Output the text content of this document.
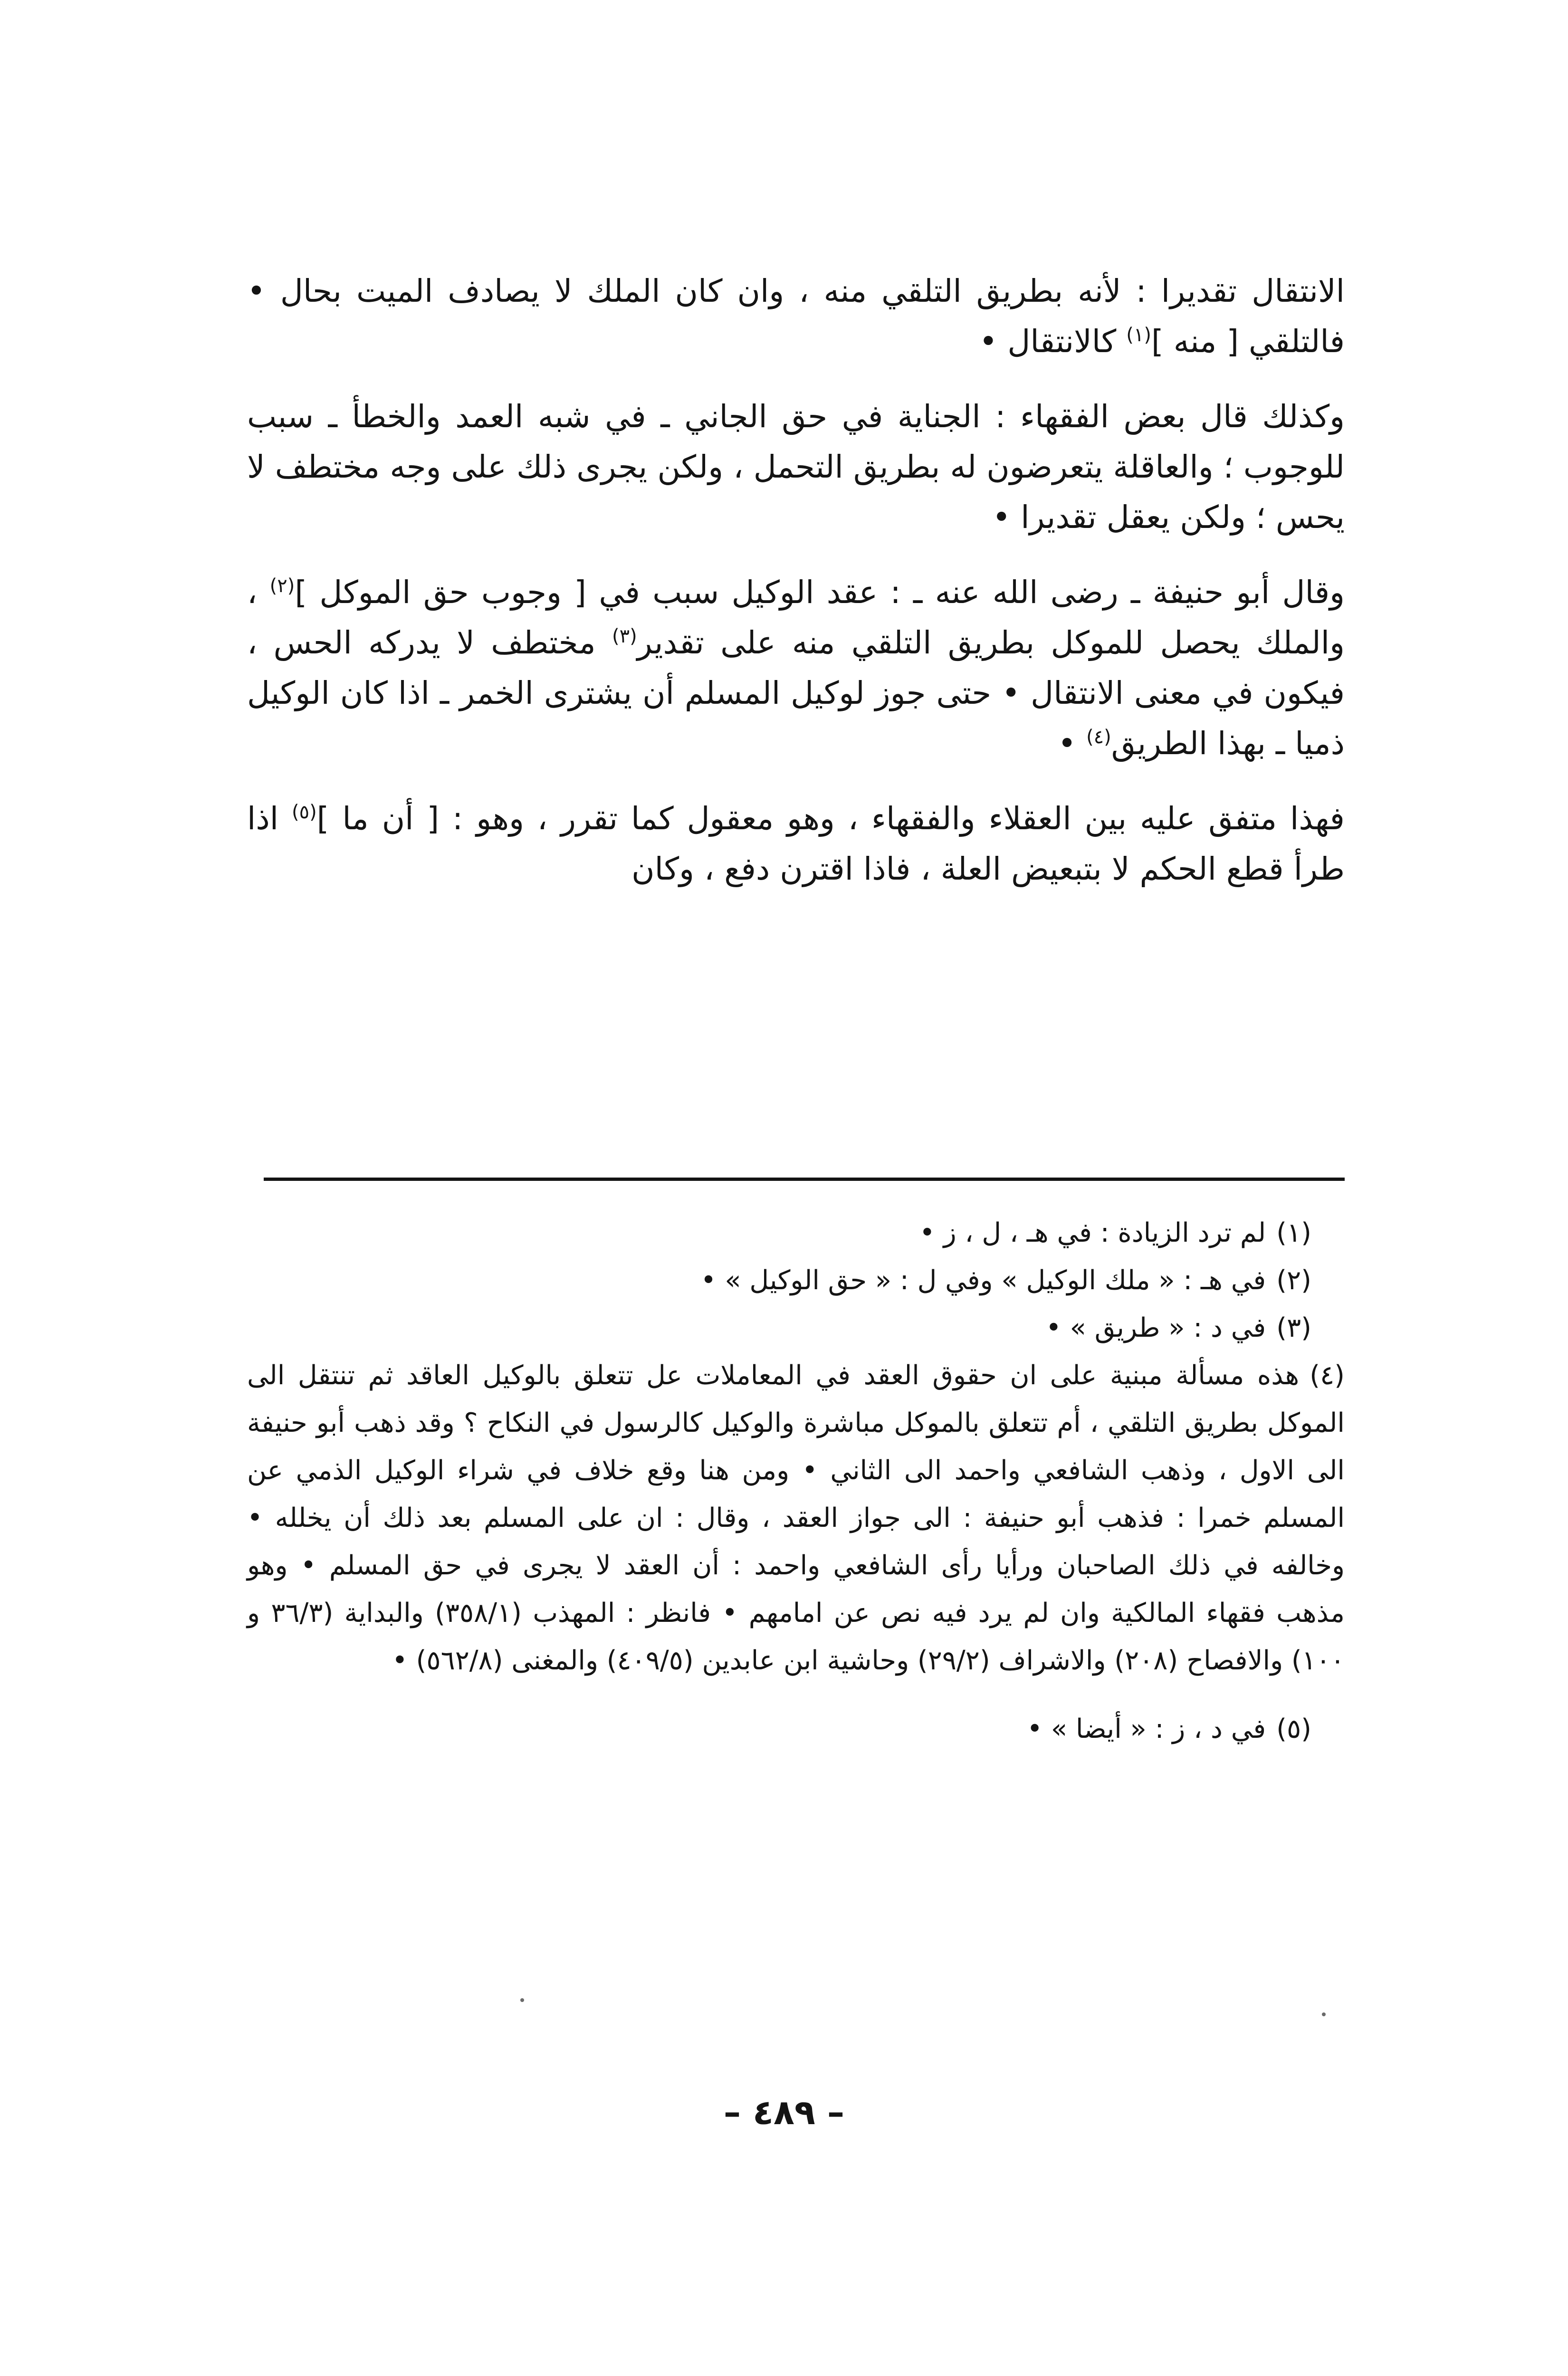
الانتقال تقديرا : لأنه بطريق التلقي منه ، وان كان الملك لا يصادف الميت بحال • فالتلقي [ منه ]$^{(١)}$ كالانتقال •

وكذلك قال بعض الفقهاء : الجناية في حق الجاني ـ في شبه العمد والخطأ ـ سبب للوجوب ؛ والعاقلة يتعرضون له بطريق التحمل ، ولكن يجرى ذلك على وجه مختطف لا يحس ؛ ولكن يعقل تقديرا •

وقال أبو حنيفة ـ رضى الله عنه ـ : عقد الوكيل سبب في [ وجوب حق الموكل ]$^{(٢)}$ ، والملك يحصل للموكل بطريق التلقي منه على تقدير$^{(٣)}$ مختطف لا يدركه الحس ، فيكون في معنى الانتقال • حتى جوز لوكيل المسلم أن يشترى الخمر ـ اذا كان الوكيل ذميا ـ بهذا الطريق$^{(٤)}$ •

فهذا متفق عليه بين العقلاء والفقهاء ، وهو معقول كما تقرر ، وهو : [ أن ما ]$^{(٥)}$ اذا طرأ قطع الحكم لا بتبعيض العلة ، فاذا اقترن دفع ، وكان

(١)لم ترد الزيادة : في هـ ، ل ، ز •

(٢)في هـ : « ملك الوكيل » وفي ل : « حق الوكيل » •

(٣)في د : « طريق » •

(٤)هذه مسألة مبنية على ان حقوق العقد في المعاملات عل تتعلق بالوكيل العاقد ثم تنتقل الى الموكل بطريق التلقي ، أم تتعلق بالموكل مباشرة والوكيل كالرسول في النكاح ؟ وقد ذهب أبو حنيفة الى الاول ، وذهب الشافعي واحمد الى الثاني • ومن هنا وقع خلاف في شراء الوكيل الذمي عن المسلم خمرا : فذهب أبو حنيفة : الى جواز العقد ، وقال : ان على المسلم بعد ذلك أن يخلله • وخالفه في ذلك الصاحبان ورأيا رأى الشافعي واحمد : أن العقد لا يجرى في حق المسلم • وهو مذهب فقهاء المالكية وان لم يرد فيه نص عن امامهم • فانظر : المهذب (٣٥٨/١) والبداية (٣٦/٣ و ١٠٠) والافصاح (٢٠٨) والاشراف (٢٩/٢) وحاشية ابن عابدين (٤٠٩/٥) والمغنى (٥٦٢/٨) •

(٥)في د ، ز : « أيضا » •

– ٤٨٩ –
